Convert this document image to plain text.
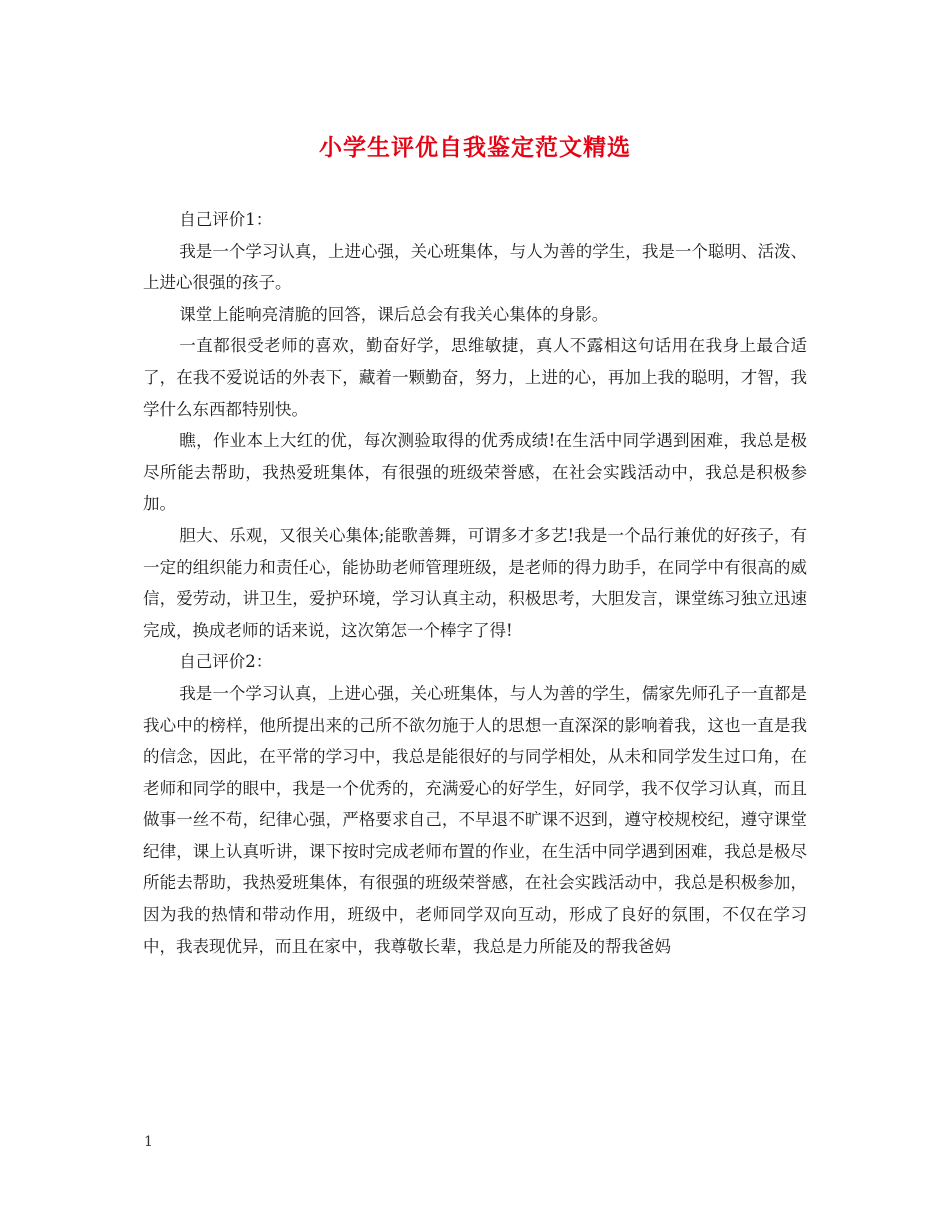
小学生评优自我鉴定范文精选

自己评价1：

我是一个学习认真，上进心强，关心班集体，与人为善的学生，我是一个聪明、活泼、上进心很强的孩子。

课堂上能响亮清脆的回答，课后总会有我关心集体的身影。

一直都很受老师的喜欢，勤奋好学，思维敏捷，真人不露相这句话用在我身上最合适了，在我不爱说话的外表下，藏着一颗勤奋，努力，上进的心，再加上我的聪明，才智，我学什么东西都特别快。

瞧，作业本上大红的优，每次测验取得的优秀成绩!在生活中同学遇到困难，我总是极尽所能去帮助，我热爱班集体，有很强的班级荣誉感，在社会实践活动中，我总是积极参加。

胆大、乐观，又很关心集体;能歌善舞，可谓多才多艺!我是一个品行兼优的好孩子，有一定的组织能力和责任心，能协助老师管理班级，是老师的得力助手，在同学中有很高的威信，爱劳动，讲卫生，爱护环境，学习认真主动，积极思考，大胆发言，课堂练习独立迅速完成，换成老师的话来说，这次第怎一个棒字了得!

自己评价2：

我是一个学习认真，上进心强，关心班集体，与人为善的学生，儒家先师孔子一直都是我心中的榜样，他所提出来的己所不欲勿施于人的思想一直深深的影响着我，这也一直是我的信念，因此，在平常的学习中，我总是能很好的与同学相处，从未和同学发生过口角，在老师和同学的眼中，我是一个优秀的，充满爱心的好学生，好同学，我不仅学习认真，而且做事一丝不苟，纪律心强，严格要求自己，不早退不旷课不迟到，遵守校规校纪，遵守课堂纪律，课上认真听讲，课下按时完成老师布置的作业，在生活中同学遇到困难，我总是极尽所能去帮助，我热爱班集体，有很强的班级荣誉感，在社会实践活动中，我总是积极参加，因为我的热情和带动作用，班级中，老师同学双向互动，形成了良好的氛围，不仅在学习中，我表现优异，而且在家中，我尊敬长辈，我总是力所能及的帮我爸妈

1
